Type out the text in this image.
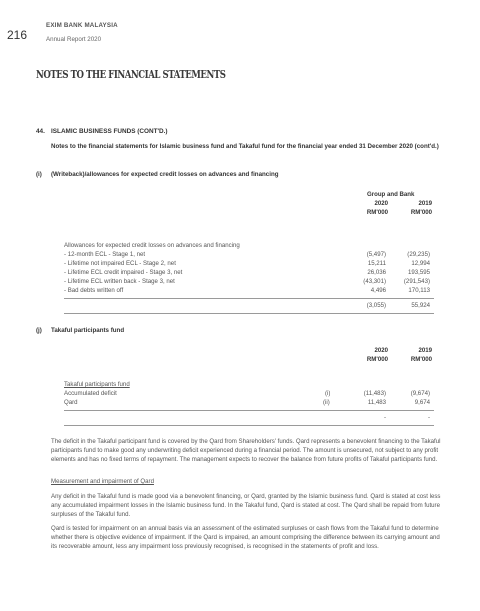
216
EXIM BANK MALAYSIA
Annual Report 2020
NOTES TO THE FINANCIAL STATEMENTS
44. ISLAMIC BUSINESS FUNDS (CONT'D.)
Notes to the financial statements for Islamic business fund and Takaful fund for the financial year ended 31 December 2020 (cont'd.)
(i) (Writeback)/allowances for expected credit losses on advances and financing
Group and Bank
2020	2019
RM'000	RM'000
Allowances for expected credit losses on advances and financing
- 12-month ECL - Stage 1, net	(5,497)	(29,235)
- Lifetime not impaired ECL - Stage 2, net	15,211	12,994
- Lifetime ECL credit impaired - Stage 3, net	26,036	193,595
- Lifetime ECL written back - Stage 3, net	(43,301)	(291,543)
- Bad debts written off	4,496	170,113
(3,055)	55,924
(j) Takaful participants fund
2020	2019
RM'000	RM'000
Takaful participants fund
Accumulated deficit	(i)	(11,483)	(9,674)
Qard	(ii)	11,483	9,674
-	-
The deficit in the Takaful participant fund is covered by the Qard from Shareholders' funds. Qard represents a benevolent financing to the Takaful participants fund to make good any underwriting deficit experienced during a financial period. The amount is unsecured, not subject to any profit elements and has no fixed terms of repayment. The management expects to recover the balance from future profits of Takaful participants fund.
Measurement and impairment of Qard
Any deficit in the Takaful fund is made good via a benevolent financing, or Qard, granted by the Islamic business fund. Qard is stated at cost less any accumulated impairment losses in the Islamic business fund. In the Takaful fund, Qard is stated at cost. The Qard shall be repaid from future surpluses of the Takaful fund.
Qard is tested for impairment on an annual basis via an assessment of the estimated surpluses or cash flows from the Takaful fund to determine whether there is objective evidence of impairment. If the Qard is impaired, an amount comprising the difference between its carrying amount and its recoverable amount, less any impairment loss previously recognised, is recognised in the statements of profit and loss.
